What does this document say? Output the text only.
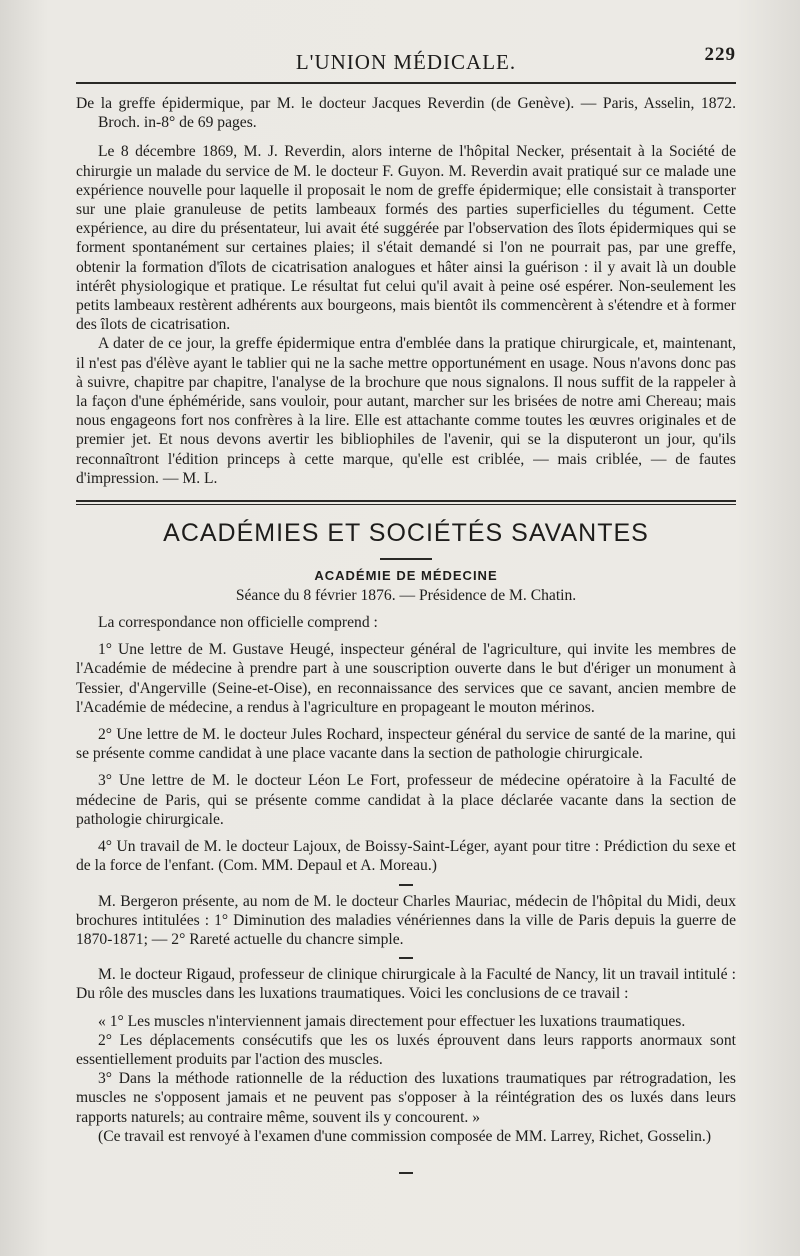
L'UNION MÉDICALE.	229

De la greffe épidermique, par M. le docteur Jacques Reverdin (de Genève). — Paris, Asselin, 1872. Broch. in-8° de 69 pages.

Le 8 décembre 1869, M. J. Reverdin, alors interne de l'hôpital Necker, présentait à la Société de chirurgie un malade du service de M. le docteur F. Guyon. M. Reverdin avait pratiqué sur ce malade une expérience nouvelle pour laquelle il proposait le nom de greffe épidermique; elle consistait à transporter sur une plaie granuleuse de petits lambeaux formés des parties superficielles du tégument. Cette expérience, au dire du présentateur, lui avait été suggérée par l'observation des îlots épidermiques qui se forment spontanément sur certaines plaies; il s'était demandé si l'on ne pourrait pas, par une greffe, obtenir la formation d'îlots de cicatrisation analogues et hâter ainsi la guérison : il y avait là un double intérêt physiologique et pratique. Le résultat fut celui qu'il avait à peine osé espérer. Non-seulement les petits lambeaux restèrent adhérents aux bourgeons, mais bientôt ils commencèrent à s'étendre et à former des îlots de cicatrisation.

A dater de ce jour, la greffe épidermique entra d'emblée dans la pratique chirurgicale, et, maintenant, il n'est pas d'élève ayant le tablier qui ne la sache mettre opportunément en usage. Nous n'avons donc pas à suivre, chapitre par chapitre, l'analyse de la brochure que nous signalons. Il nous suffit de la rappeler à la façon d'une éphéméride, sans vouloir, pour autant, marcher sur les brisées de notre ami Chereau; mais nous engageons fort nos confrères à la lire. Elle est attachante comme toutes les œuvres originales et de premier jet. Et nous devons avertir les bibliophiles de l'avenir, qui se la disputeront un jour, qu'ils reconnaîtront l'édition princeps à cette marque, qu'elle est criblée, — mais criblée, — de fautes d'impression. — M. L.

ACADÉMIES ET SOCIÉTÉS SAVANTES
ACADÉMIE DE MÉDECINE
Séance du 8 février 1876. — Présidence de M. Chatin.

La correspondance non officielle comprend :

1° Une lettre de M. Gustave Heugé, inspecteur général de l'agriculture, qui invite les membres de l'Académie de médecine à prendre part à une souscription ouverte dans le but d'ériger un monument à Tessier, d'Angerville (Seine-et-Oise), en reconnaissance des services que ce savant, ancien membre de l'Académie de médecine, a rendus à l'agriculture en propageant le mouton mérinos.

2° Une lettre de M. le docteur Jules Rochard, inspecteur général du service de santé de la marine, qui se présente comme candidat à une place vacante dans la section de pathologie chirurgicale.

3° Une lettre de M. le docteur Léon Le Fort, professeur de médecine opératoire à la Faculté de médecine de Paris, qui se présente comme candidat à la place déclarée vacante dans la section de pathologie chirurgicale.

4° Un travail de M. le docteur Lajoux, de Boissy-Saint-Léger, ayant pour titre : Prédiction du sexe et de la force de l'enfant. (Com. MM. Depaul et A. Moreau.)

M. Bergeron présente, au nom de M. le docteur Charles Mauriac, médecin de l'hôpital du Midi, deux brochures intitulées : 1° Diminution des maladies vénériennes dans la ville de Paris depuis la guerre de 1870-1871; — 2° Rareté actuelle du chancre simple.

M. le docteur Rigaud, professeur de clinique chirurgicale à la Faculté de Nancy, lit un travail intitulé : Du rôle des muscles dans les luxations traumatiques. Voici les conclusions de ce travail :

« 1° Les muscles n'interviennent jamais directement pour effectuer les luxations traumatiques.

2° Les déplacements consécutifs que les os luxés éprouvent dans leurs rapports anormaux sont essentiellement produits par l'action des muscles.

3° Dans la méthode rationnelle de la réduction des luxations traumatiques par rétrogradation, les muscles ne s'opposent jamais et ne peuvent pas s'opposer à la réintégration des os luxés dans leurs rapports naturels; au contraire même, souvent ils y concourent. »

(Ce travail est renvoyé à l'examen d'une commission composée de MM. Larrey, Richet, Gosselin.)
